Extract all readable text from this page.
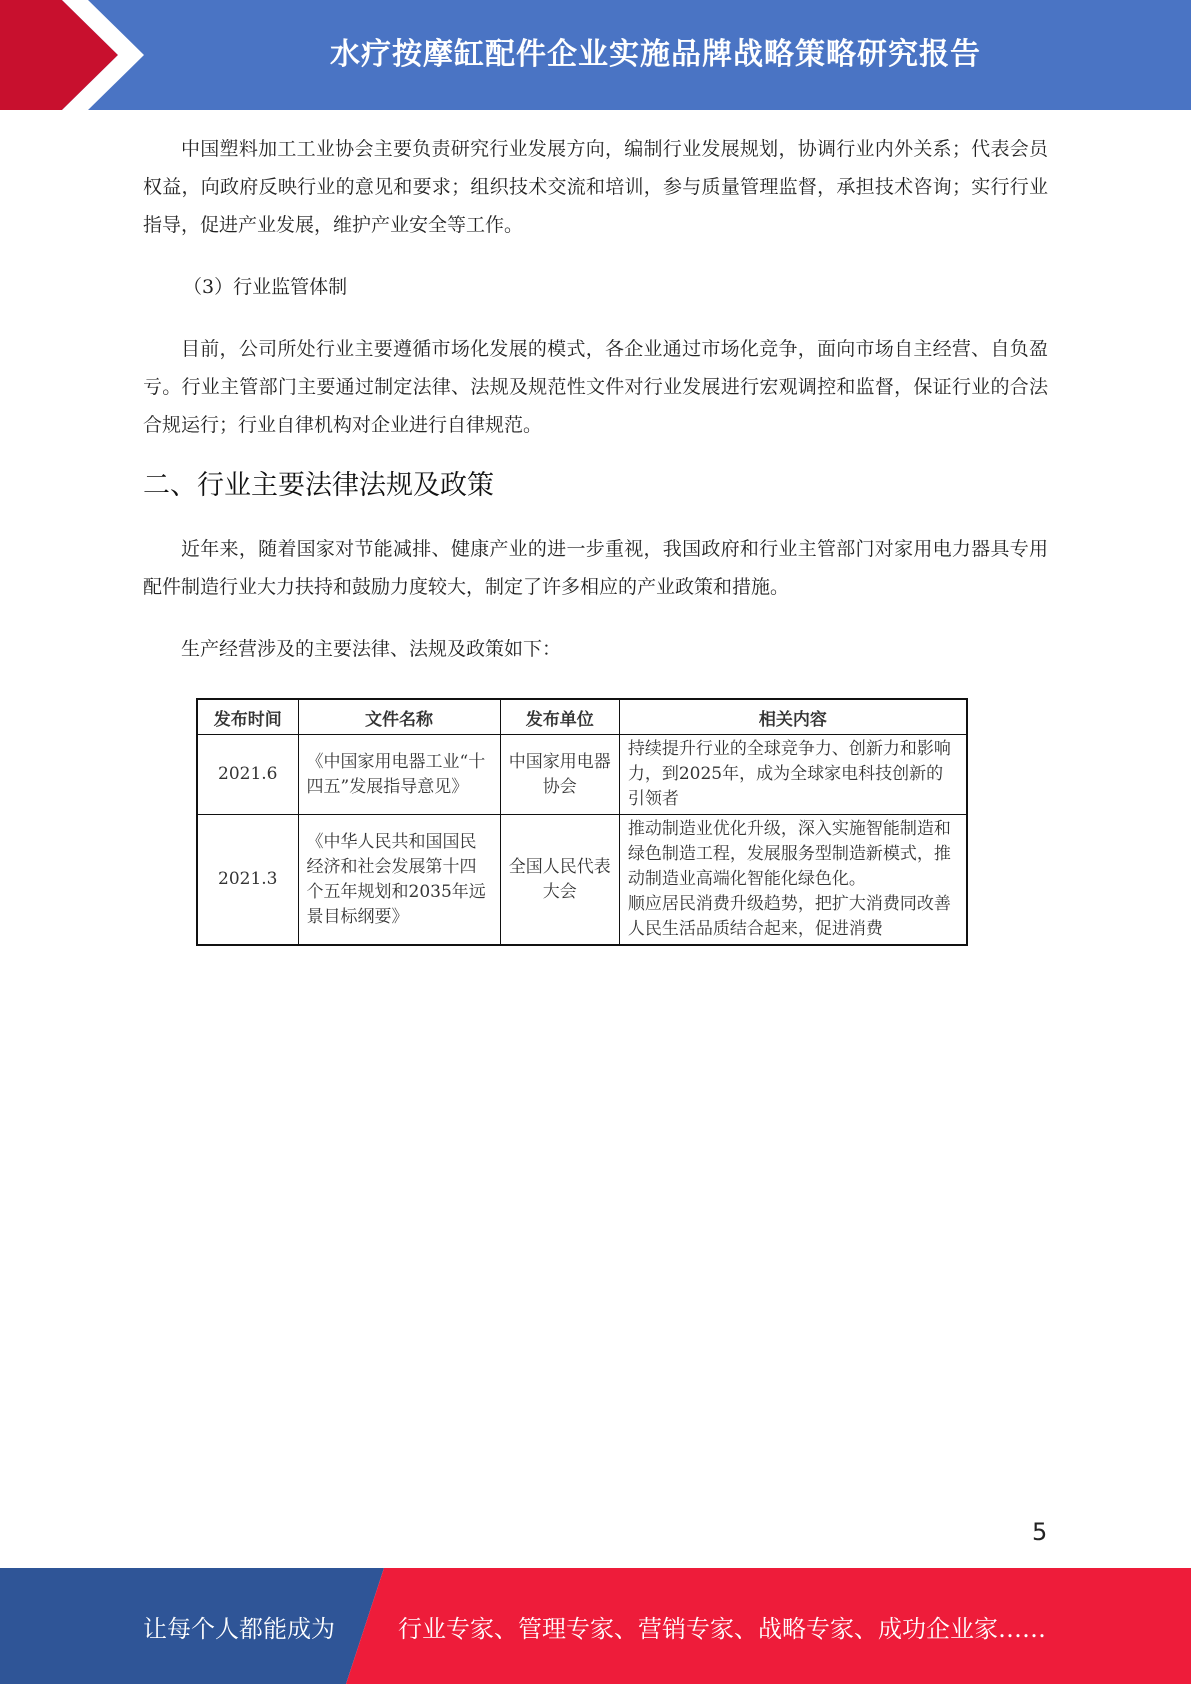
水疗按摩缸配件企业实施品牌战略策略研究报告

中国塑料加工工业协会主要负责研究行业发展方向，编制行业发展规划，协调行业内外关系；代表会员权益，向政府反映行业的意见和要求；组织技术交流和培训，参与质量管理监督，承担技术咨询；实行行业指导，促进产业发展，维护产业安全等工作。

（3）行业监管体制

目前，公司所处行业主要遵循市场化发展的模式，各企业通过市场化竞争，面向市场自主经营、自负盈亏。行业主管部门主要通过制定法律、法规及规范性文件对行业发展进行宏观调控和监督，保证行业的合法合规运行；行业自律机构对企业进行自律规范。

二、行业主要法律法规及政策

近年来，随着国家对节能减排、健康产业的进一步重视，我国政府和行业主管部门对家用电力器具专用配件制造行业大力扶持和鼓励力度较大，制定了许多相应的产业政策和措施。

生产经营涉及的主要法律、法规及政策如下：

发布时间	文件名称	发布单位	相关内容
2021.6	《中国家用电器工业“十四五”发展指导意见》	中国家用电器协会	持续提升行业的全球竞争力、创新力和影响力，到2025年，成为全球家电科技创新的引领者
2021.3	《中华人民共和国国民经济和社会发展第十四个五年规划和2035年远景目标纲要》	全国人民代表大会	推动制造业优化升级，深入实施智能制造和绿色制造工程，发展服务型制造新模式，推动制造业高端化智能化绿色化。
顺应居民消费升级趋势，把扩大消费同改善人民生活品质结合起来，促进消费
5
让每个人都能成为	行业专家、管理专家、营销专家、战略专家、成功企业家……
